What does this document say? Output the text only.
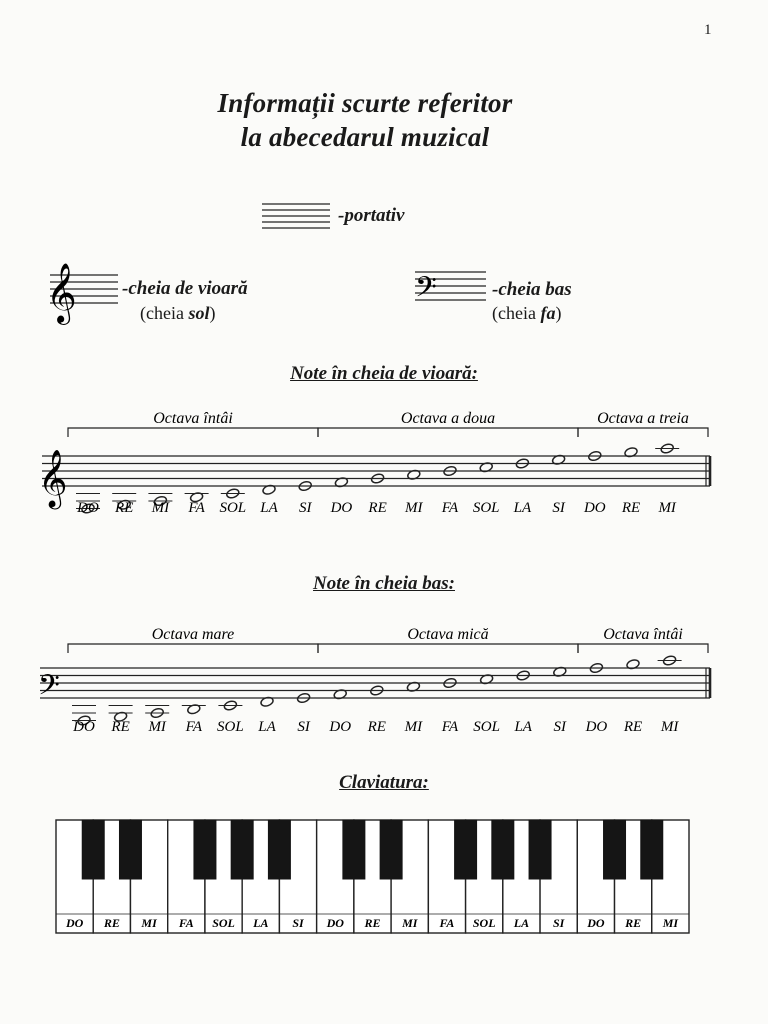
1
Informații scurte referitor
la abecedarul muzical
𝄞	𝄢
-portativ
-cheia de vioară
(cheia sol)
-cheia bas
(cheia fa)
Note în cheia de vioară:
𝄞
Octava întâi	Octava a doua	Octava a treia
DO RE MI FA SOL LA SI DO RE MI FA SOL LA SI DO RE MI
Note în cheia bas:
𝄢
Octava mare	Octava mică	Octava întâi
DO RE MI FA SOL LA SI DO RE MI FA SOL LA SI DO RE MI
Claviatura:
DO RE MI FA SOL LA SI DO RE MI FA SOL LA SI DO RE MI
